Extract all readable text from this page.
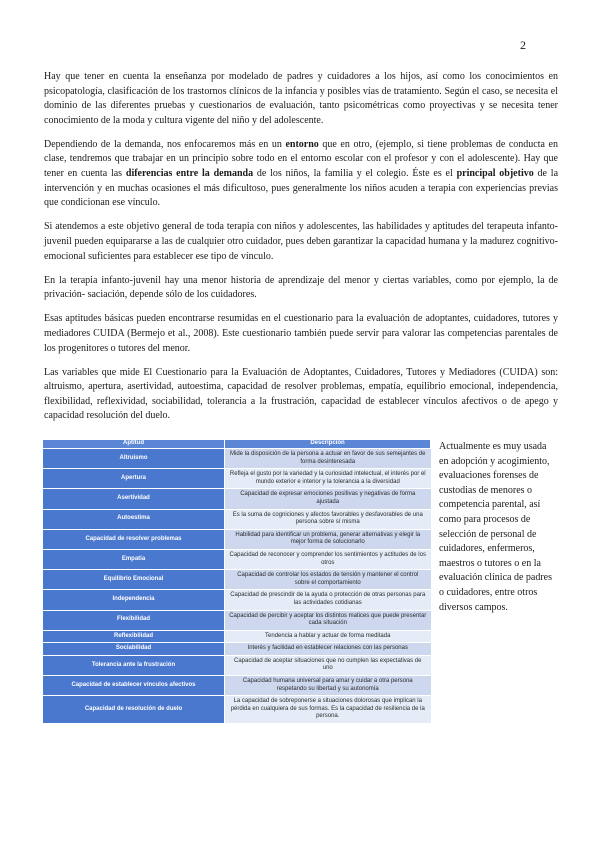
2

Hay que tener en cuenta la enseñanza por modelado de padres y cuidadores a los hijos, así como los conocimientos en psicopatología, clasificación de los trastornos clínicos de la infancia y posibles vías de tratamiento. Según el caso, se necesita el dominio de las diferentes pruebas y cuestionarios de evaluación, tanto psicométricas como proyectivas y se necesita tener conocimiento de la moda y cultura vigente del niño y del adolescente.

Dependiendo de la demanda, nos enfocaremos más en un entorno que en otro, (ejemplo, si tiene problemas de conducta en clase, tendremos que trabajar en un principio sobre todo en el entorno escolar con el profesor y con el adolescente). Hay que tener en cuenta las diferencias entre la demanda de los niños, la familia y el colegio. Éste es el principal objetivo de la intervención y en muchas ocasiones el más dificultoso, pues generalmente los niños acuden a terapia con experiencias previas que condicionan ese vínculo.

Si atendemos a este objetivo general de toda terapia con niños y adolescentes, las habilidades y aptitudes del terapeuta infanto-juvenil pueden equipararse a las de cualquier otro cuidador, pues deben garantizar la capacidad humana y la madurez cognitivo-emocional suficientes para establecer ese tipo de vínculo.

En la terapia infanto-juvenil hay una menor historia de aprendizaje del menor y ciertas variables, como por ejemplo, la de privación- saciación, depende sólo de los cuidadores.

Esas aptitudes básicas pueden encontrarse resumidas en el cuestionario para la evaluación de adoptantes, cuidadores, tutores y mediadores CUIDA (Bermejo et al., 2008). Este cuestionario también puede servir para valorar las competencias parentales de los progenitores o tutores del menor.

Las variables que mide El Cuestionario para la Evaluación de Adoptantes, Cuidadores, Tutores y Mediadores (CUIDA) son: altruismo, apertura, asertividad, autoestima, capacidad de resolver problemas, empatía, equilibrio emocional, independencia, flexibilidad, reflexividad, sociabilidad, tolerancia a la frustración, capacidad de establecer vínculos afectivos o de apego y capacidad resolución del duelo.

Aptitud	Descripción
Altruismo	Mide la disposición de la persona a actuar en favor de sus semejantes de forma desinteresada
Apertura	Refleja el gusto por la variedad y la curiosidad intelectual, el interés por el mundo exterior e interior y la tolerancia a la diversidad
Asertividad	Capacidad de expresar emociones positivas y negativas de forma ajustada
Autoestima	Es la suma de cogniciones y afectos favorables y desfavorables de una persona sobre sí misma
Capacidad de resolver problemas	Habilidad para identificar un problema, generar alternativas y elegir la mejor forma de solucionarlo
Empatía	Capacidad de reconocer y comprender los sentimientos y actitudes de los otros
Equilibrio Emocional	Capacidad de controlar los estados de tensión y mantener el control sobre el comportamiento
Independencia	Capacidad de prescindir de la ayuda o protección de otras personas para las actividades cotidianas
Flexibilidad	Capacidad de percibir y aceptar los distintos matices que puede presentar cada situación
Reflexibilidad	Tendencia a hablar y actuar de forma meditada
Sociabilidad	Interés y facilidad en establecer relaciones con las personas
Tolerancia ante la frustración	Capacidad de aceptar situaciones que no cumplen las expectativas de uno
Capacidad de establecer vínculos afectivos	Capacidad humana universal para amar y cuidar a otra persona respetando su libertad y su autonomía
Capacidad de resolución de duelo	La capacidad de sobreponerse a situaciones dolorosas que implican la pérdida en cualquiera de sus formas. Es la capacidad de resiliencia de la persona.

Actualmente es muy usada en adopción y acogimiento, evaluaciones forenses de custodias de menores o competencia parental, así como para procesos de selección de personal de cuidadores, enfermeros, maestros o tutores o en la evaluación clínica de padres o cuidadores, entre otros diversos campos.
